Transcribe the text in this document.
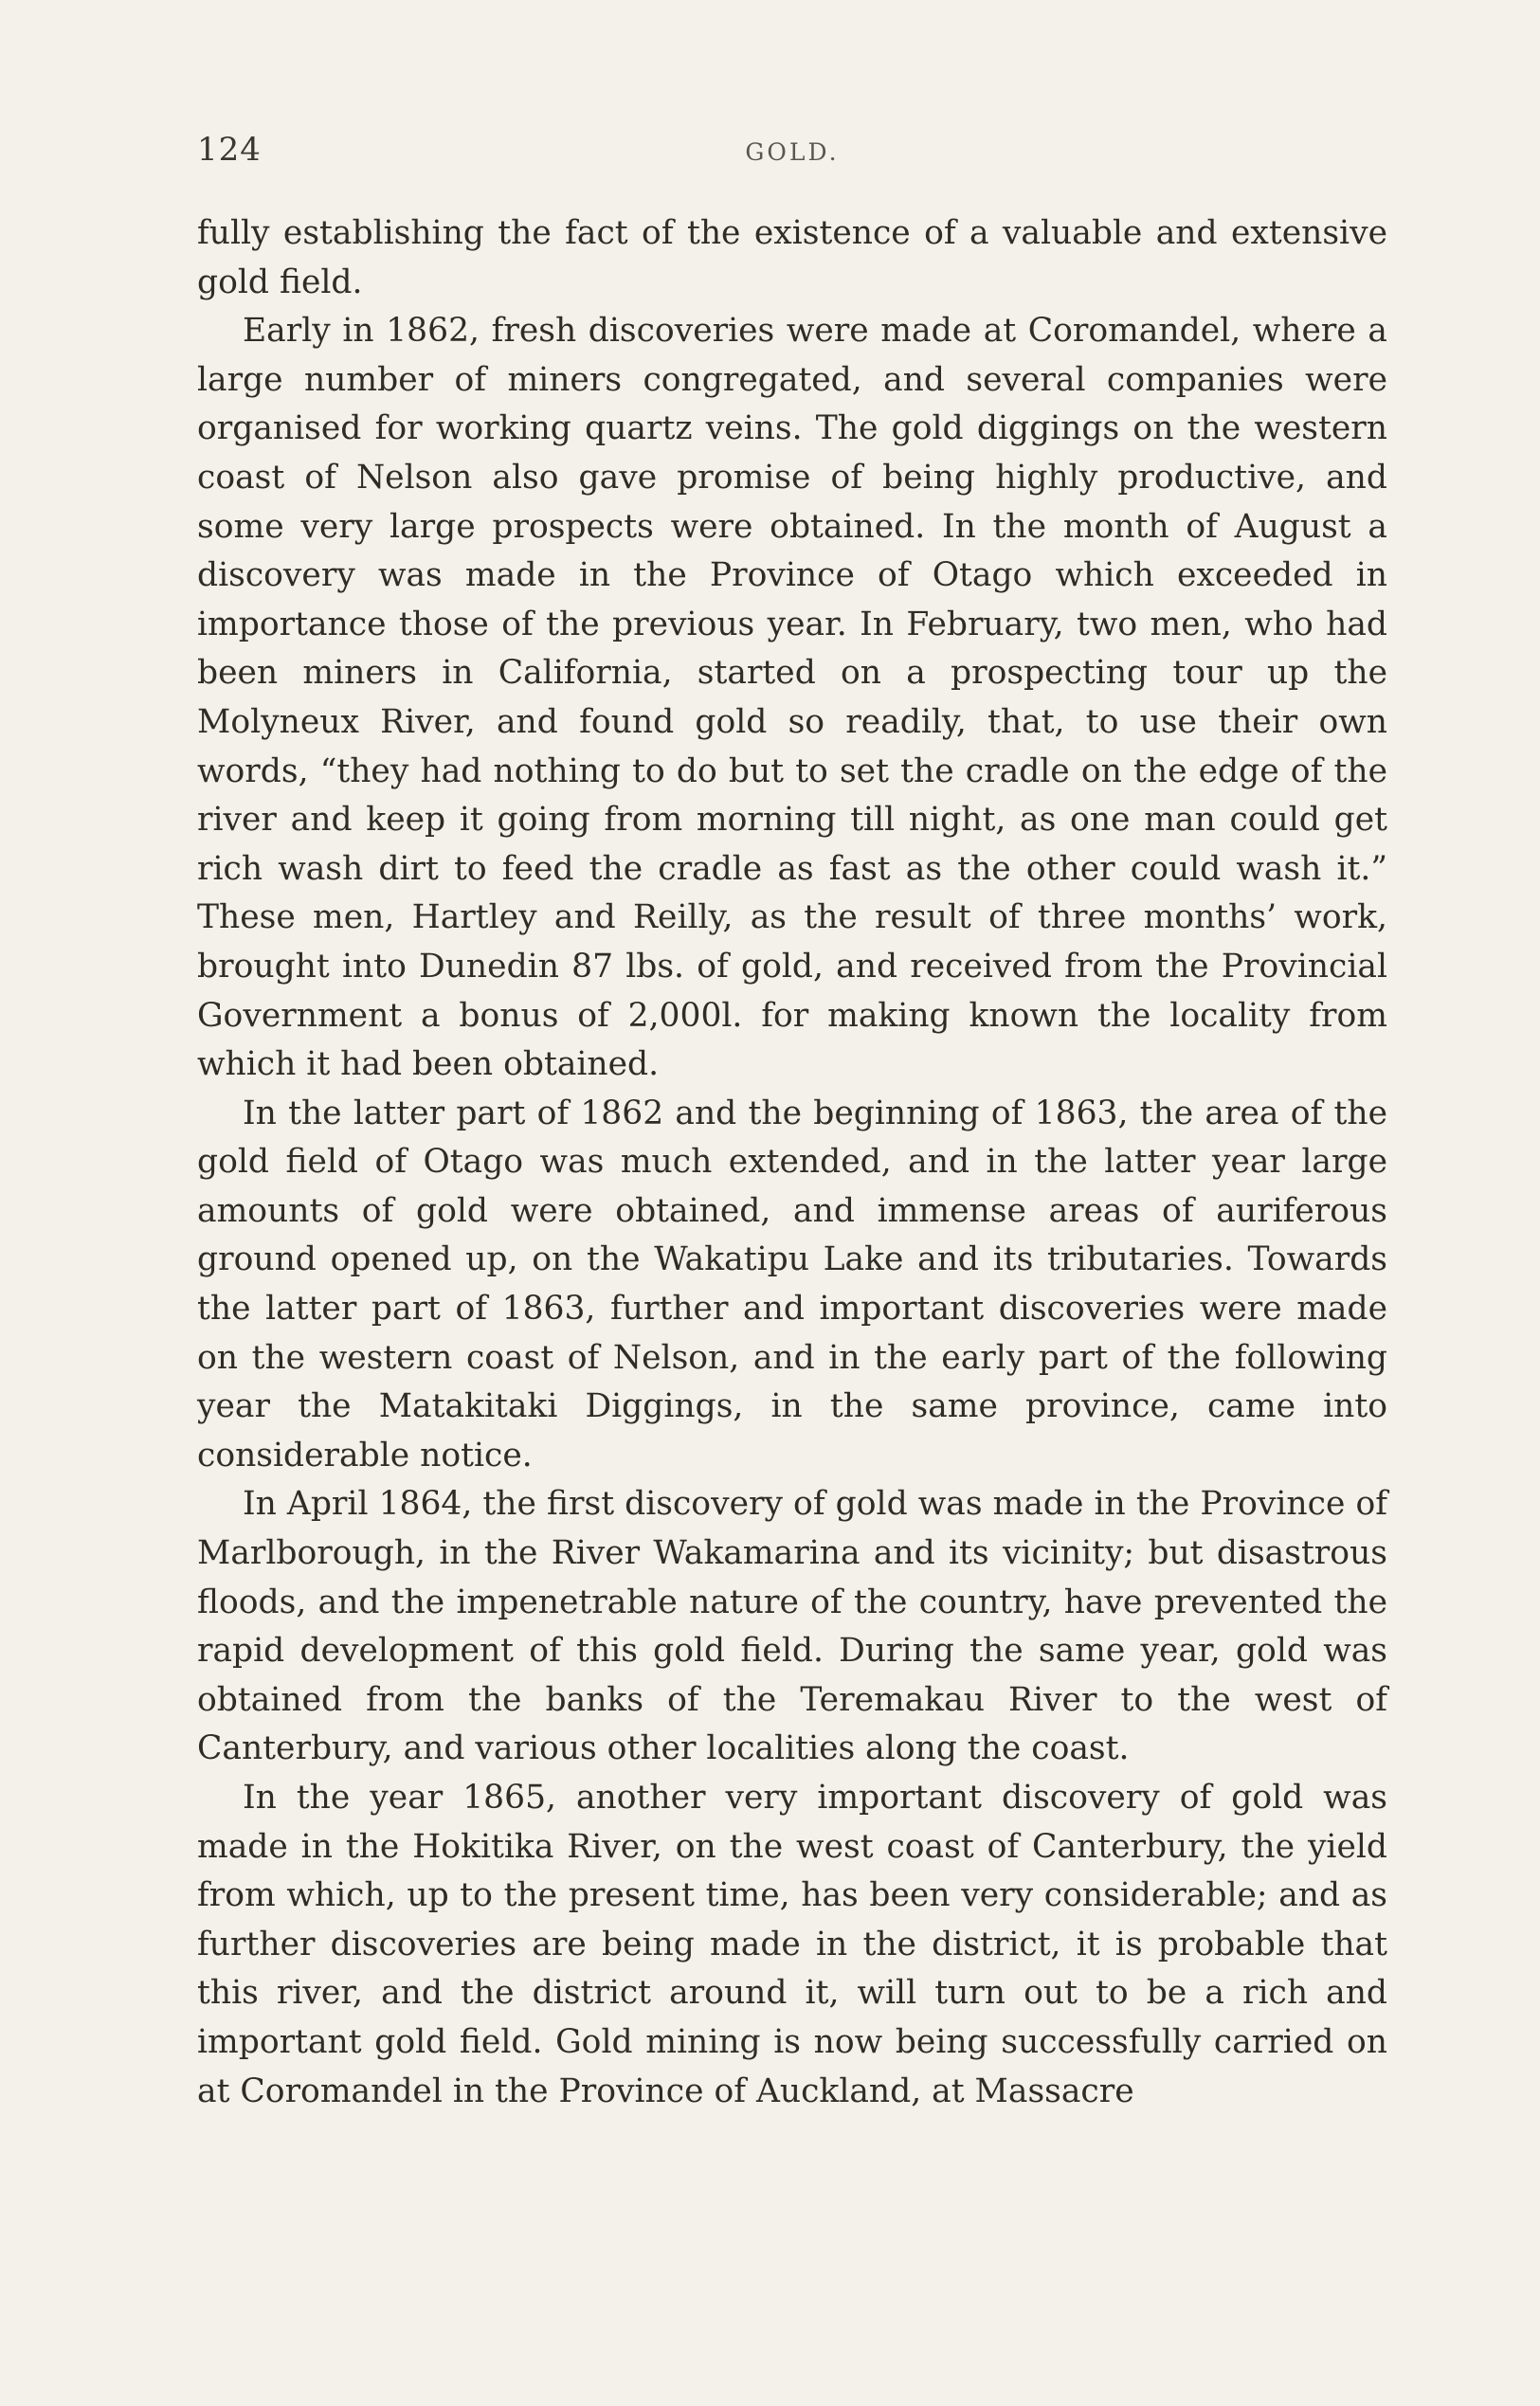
124	GOLD.

fully establishing the fact of the existence of a valuable and extensive gold field.

Early in 1862, fresh discoveries were made at Coromandel, where a large number of miners congregated, and several companies were organised for working quartz veins. The gold diggings on the western coast of Nelson also gave promise of being highly productive, and some very large prospects were obtained. In the month of August a discovery was made in the Province of Otago which exceeded in importance those of the previous year. In February, two men, who had been miners in California, started on a prospecting tour up the Molyneux River, and found gold so readily, that, to use their own words, “they had nothing to do but to set the cradle on the edge of the river and keep it going from morning till night, as one man could get rich wash dirt to feed the cradle as fast as the other could wash it.” These men, Hartley and Reilly, as the result of three months’ work, brought into Dunedin 87 lbs. of gold, and received from the Provincial Government a bonus of 2,000l. for making known the locality from which it had been obtained.

In the latter part of 1862 and the beginning of 1863, the area of the gold field of Otago was much extended, and in the latter year large amounts of gold were obtained, and immense areas of auriferous ground opened up, on the Wakatipu Lake and its tributaries. Towards the latter part of 1863, further and important discoveries were made on the western coast of Nelson, and in the early part of the following year the Matakitaki Diggings, in the same province, came into considerable notice.

In April 1864, the first discovery of gold was made in the Province of Marlborough, in the River Wakamarina and its vicinity; but disastrous floods, and the impenetrable nature of the country, have prevented the rapid development of this gold field. During the same year, gold was obtained from the banks of the Teremakau River to the west of Canterbury, and various other localities along the coast.

In the year 1865, another very important discovery of gold was made in the Hokitika River, on the west coast of Canterbury, the yield from which, up to the present time, has been very considerable; and as further discoveries are being made in the district, it is probable that this river, and the district around it, will turn out to be a rich and important gold field. Gold mining is now being successfully carried on at Coromandel in the Province of Auckland, at Massacre
